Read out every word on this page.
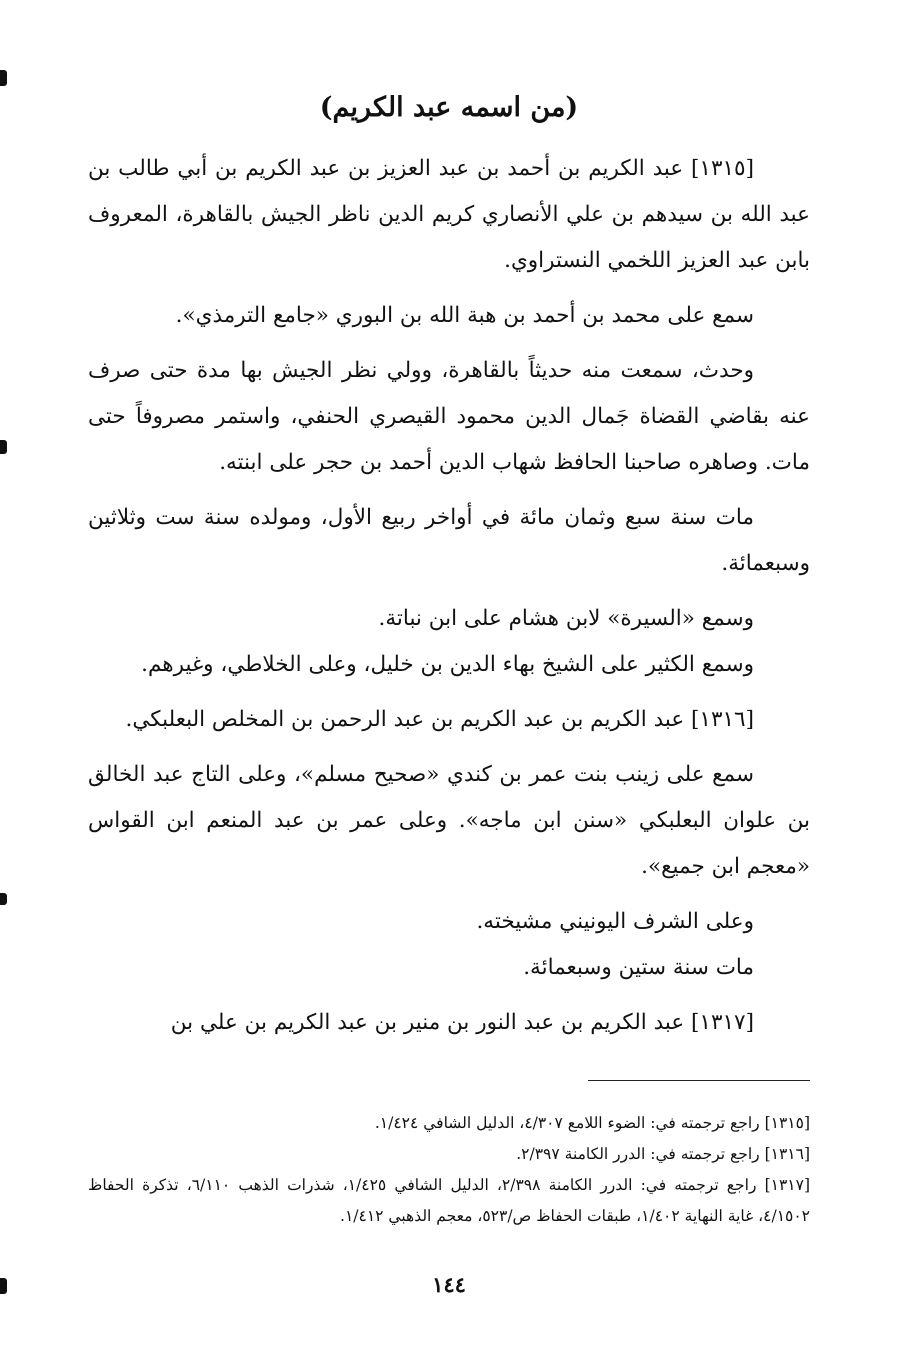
(من اسمه عبد الكريم)

[١٣١٥] عبد الكريم بن أحمد بن عبد العزيز بن عبد الكريم بن أبي طالب بن عبد الله بن سيدهم بن علي الأنصاري كريم الدين ناظر الجيش بالقاهرة، المعروف بابن عبد العزيز اللخمي النستراوي.

سمع على محمد بن أحمد بن هبة الله بن البوري «جامع الترمذي».

وحدث، سمعت منه حديثاً بالقاهرة، وولي نظر الجيش بها مدة حتى صرف عنه بقاضي القضاة جَمال الدين محمود القيصري الحنفي، واستمر مصروفاً حتى مات. وصاهره صاحبنا الحافظ شهاب الدين أحمد بن حجر على ابنته.

مات سنة سبع وثمان مائة في أواخر ربيع الأول، ومولده سنة ست وثلاثين وسبعمائة.

وسمع «السيرة» لابن هشام على ابن نباتة.

وسمع الكثير على الشيخ بهاء الدين بن خليل، وعلى الخلاطي، وغيرهم.

[١٣١٦] عبد الكريم بن عبد الكريم بن عبد الرحمن بن المخلص البعلبكي.

سمع على زينب بنت عمر بن كندي «صحيح مسلم»، وعلى التاج عبد الخالق بن علوان البعلبكي «سنن ابن ماجه». وعلى عمر بن عبد المنعم ابن القواس «معجم ابن جميع».

وعلى الشرف اليونيني مشيخته.

مات سنة ستين وسبعمائة.

[١٣١٧] عبد الكريم بن عبد النور بن منير بن عبد الكريم بن علي بن

[١٣١٥] راجع ترجمته في: الضوء اللامع ٤/٣٠٧، الدليل الشافي ١/٤٢٤.

[١٣١٦] راجع ترجمته في: الدرر الكامنة ٢/٣٩٧.

[١٣١٧] راجع ترجمته في: الدرر الكامنة ٢/٣٩٨، الدليل الشافي ١/٤٢٥، شذرات الذهب ٦/١١٠، تذكرة الحفاظ ٤/١٥٠٢، غاية النهاية ١/٤٠٢، طبقات الحفاظ ص/٥٢٣، معجم الذهبي ١/٤١٢.

١٤٤
